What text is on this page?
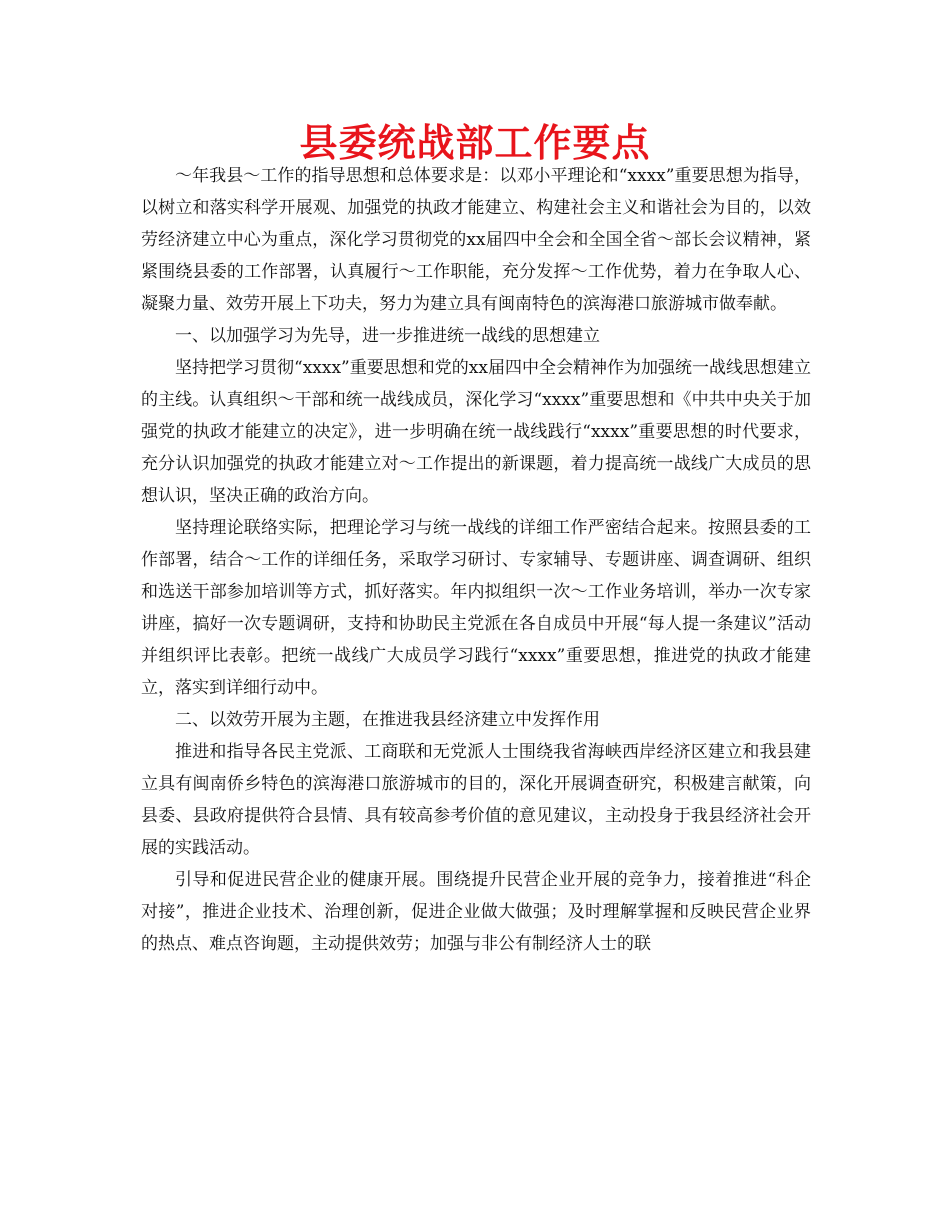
县委统战部工作要点

～年我县～工作的指导思想和总体要求是：以邓小平理论和“xxxx”重要思想为指导，以树立和落实科学开展观、加强党的执政才能建立、构建社会主义和谐社会为目的，以效劳经济建立中心为重点，深化学习贯彻党的xx届四中全会和全国全省～部长会议精神，紧紧围绕县委的工作部署，认真履行～工作职能，充分发挥～工作优势，着力在争取人心、凝聚力量、效劳开展上下功夫，努力为建立具有闽南特色的滨海港口旅游城市做奉献。

一、以加强学习为先导，进一步推进统一战线的思想建立

坚持把学习贯彻“xxxx”重要思想和党的xx届四中全会精神作为加强统一战线思想建立的主线。认真组织～干部和统一战线成员，深化学习“xxxx”重要思想和《中共中央关于加强党的执政才能建立的决定》，进一步明确在统一战线践行“xxxx”重要思想的时代要求，充分认识加强党的执政才能建立对～工作提出的新课题，着力提高统一战线广大成员的思想认识，坚决正确的政治方向。

坚持理论联络实际，把理论学习与统一战线的详细工作严密结合起来。按照县委的工作部署，结合～工作的详细任务，采取学习研讨、专家辅导、专题讲座、调查调研、组织和选送干部参加培训等方式，抓好落实。年内拟组织一次～工作业务培训，举办一次专家讲座，搞好一次专题调研，支持和协助民主党派在各自成员中开展“每人提一条建议”活动并组织评比表彰。把统一战线广大成员学习践行“xxxx”重要思想，推进党的执政才能建立，落实到详细行动中。

二、以效劳开展为主题，在推进我县经济建立中发挥作用

推进和指导各民主党派、工商联和无党派人士围绕我省海峡西岸经济区建立和我县建立具有闽南侨乡特色的滨海港口旅游城市的目的，深化开展调查研究，积极建言献策，向县委、县政府提供符合县情、具有较高参考价值的意见建议，主动投身于我县经济社会开展的实践活动。

引导和促进民营企业的健康开展。围绕提升民营企业开展的竞争力，接着推进“科企对接”，推进企业技术、治理创新，促进企业做大做强；及时理解掌握和反映民营企业界的热点、难点咨询题，主动提供效劳；加强与非公有制经济人士的联
